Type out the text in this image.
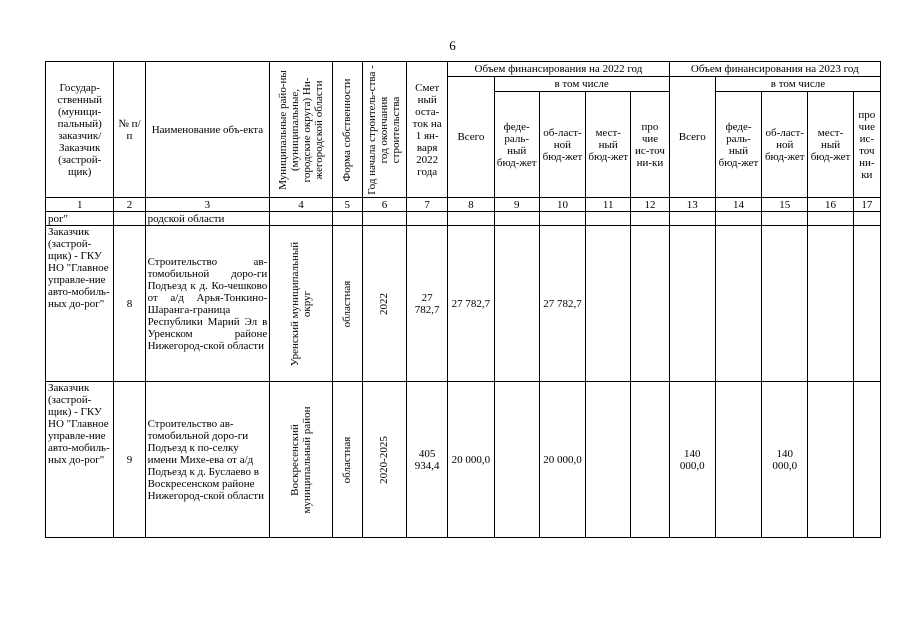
6
Государ-ственный (муници-пальный) заказчик/ Заказчик (застрой-щик)	№ п/п	Наименование объ-екта	Муниципальные райо-ны (муниципальные, городские округа) Ни-жегородской области	Форма собственности	Год начала строитель-ства - год окончания строительства	Смет ный оста-ток на 1 ян-варя 2022 года	Объем финансирования на 2022 год					Объем финансирования на 2023 год				
							Всего	в том числе				Всего	в том числе			
								феде-раль-ный бюд-жет	об-ласт-ной бюд-жет	мест-ный бюд-жет	про чие ис-точ ни-ки		феде-раль-ный бюд-жет	об-ласт-ной бюд-жет	мест-ный бюд-жет	про чие ис-точ ни-ки
1	2	3	4	5	6	7	8	9	10	11	12	13	14	15	16	17
рог"		родской области														
Заказчик (застрой-щик) - ГКУ НО "Главное управле-ние авто-мобиль-ных до-рог"	8	Строительство ав-томобильной доро-ги Подъезд к д. Ко-чешково от а/д Арья-Тонкино-Шаранга-граница Республики Марий Эл в Уренском районе Нижегород-ской области	Уренский муниципальный округ	областная	2022	27 782,7	27 782,7		27 782,7							
Заказчик (застрой-щик) - ГКУ НО "Главное управле-ние авто-мобиль-ных до-рог"	9	Строительство ав-томобильной доро-ги Подъезд к по-селку имени Михе-ева от а/д Подъезд к д. Буслаево в Воскресенском районе Нижегород-ской области	Воскресенский муниципальный район	областная	2020-2025	405 934,4	20 000,0		20 000,0			140 000,0		140 000,0		
